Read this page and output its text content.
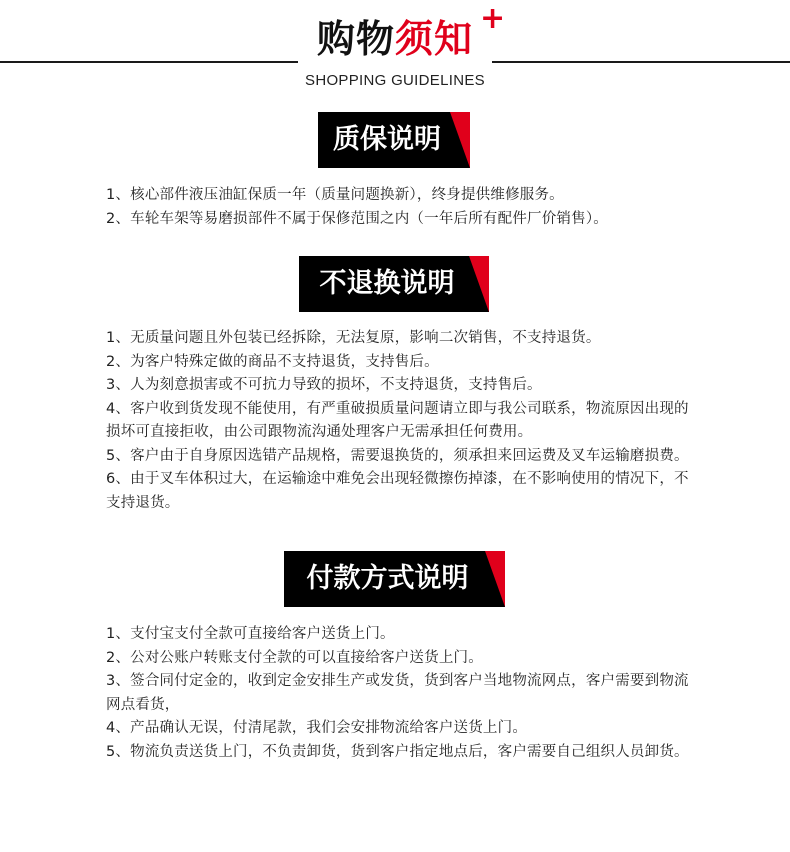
购物须知 +
SHOPPING GUIDELINES
质保说明
1、核心部件液压油缸保质一年（质量问题换新），终身提供维修服务。
2、车轮车架等易磨损部件不属于保修范围之内（一年后所有配件厂价销售）。
不退换说明
1、无质量问题且外包装已经拆除，无法复原，影响二次销售，不支持退货。
2、为客户特殊定做的商品不支持退货，支持售后。
3、人为刻意损害或不可抗力导致的损坏，不支持退货，支持售后。
4、客户收到货发现不能使用，有严重破损质量问题请立即与我公司联系，物流原因出现的损坏可直接拒收，由公司跟物流沟通处理客户无需承担任何费用。
5、客户由于自身原因选错产品规格，需要退换货的，须承担来回运费及叉车运输磨损费。
6、由于叉车体积过大，在运输途中难免会出现轻微擦伤掉漆，在不影响使用的情况下，不支持退货。
付款方式说明
1、支付宝支付全款可直接给客户送货上门。
2、公对公账户转账支付全款的可以直接给客户送货上门。
3、签合同付定金的，收到定金安排生产或发货，货到客户当地物流网点，客户需要到物流网点看货，
4、产品确认无误，付清尾款，我们会安排物流给客户送货上门。
5、物流负责送货上门，不负责卸货，货到客户指定地点后，客户需要自己组织人员卸货。
